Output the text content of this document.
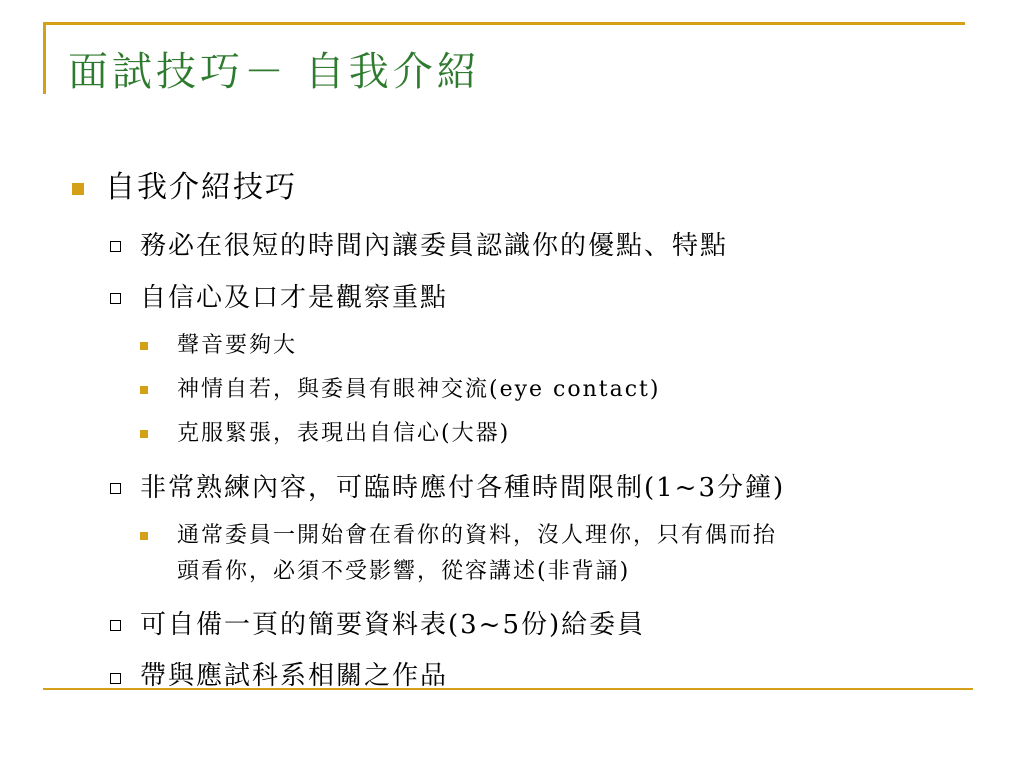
面試技巧－ 自我介紹
自我介紹技巧
務必在很短的時間內讓委員認識你的優點、特點
自信心及口才是觀察重點
聲音要夠大
神情自若，與委員有眼神交流(eye contact)
克服緊張，表現出自信心(大器)
非常熟練內容，可臨時應付各種時間限制(1~3分鐘)
通常委員一開始會在看你的資料，沒人理你，只有偶而抬
頭看你，必須不受影響，從容講述(非背誦)
可自備一頁的簡要資料表(3~5份)給委員
帶與應試科系相關之作品
